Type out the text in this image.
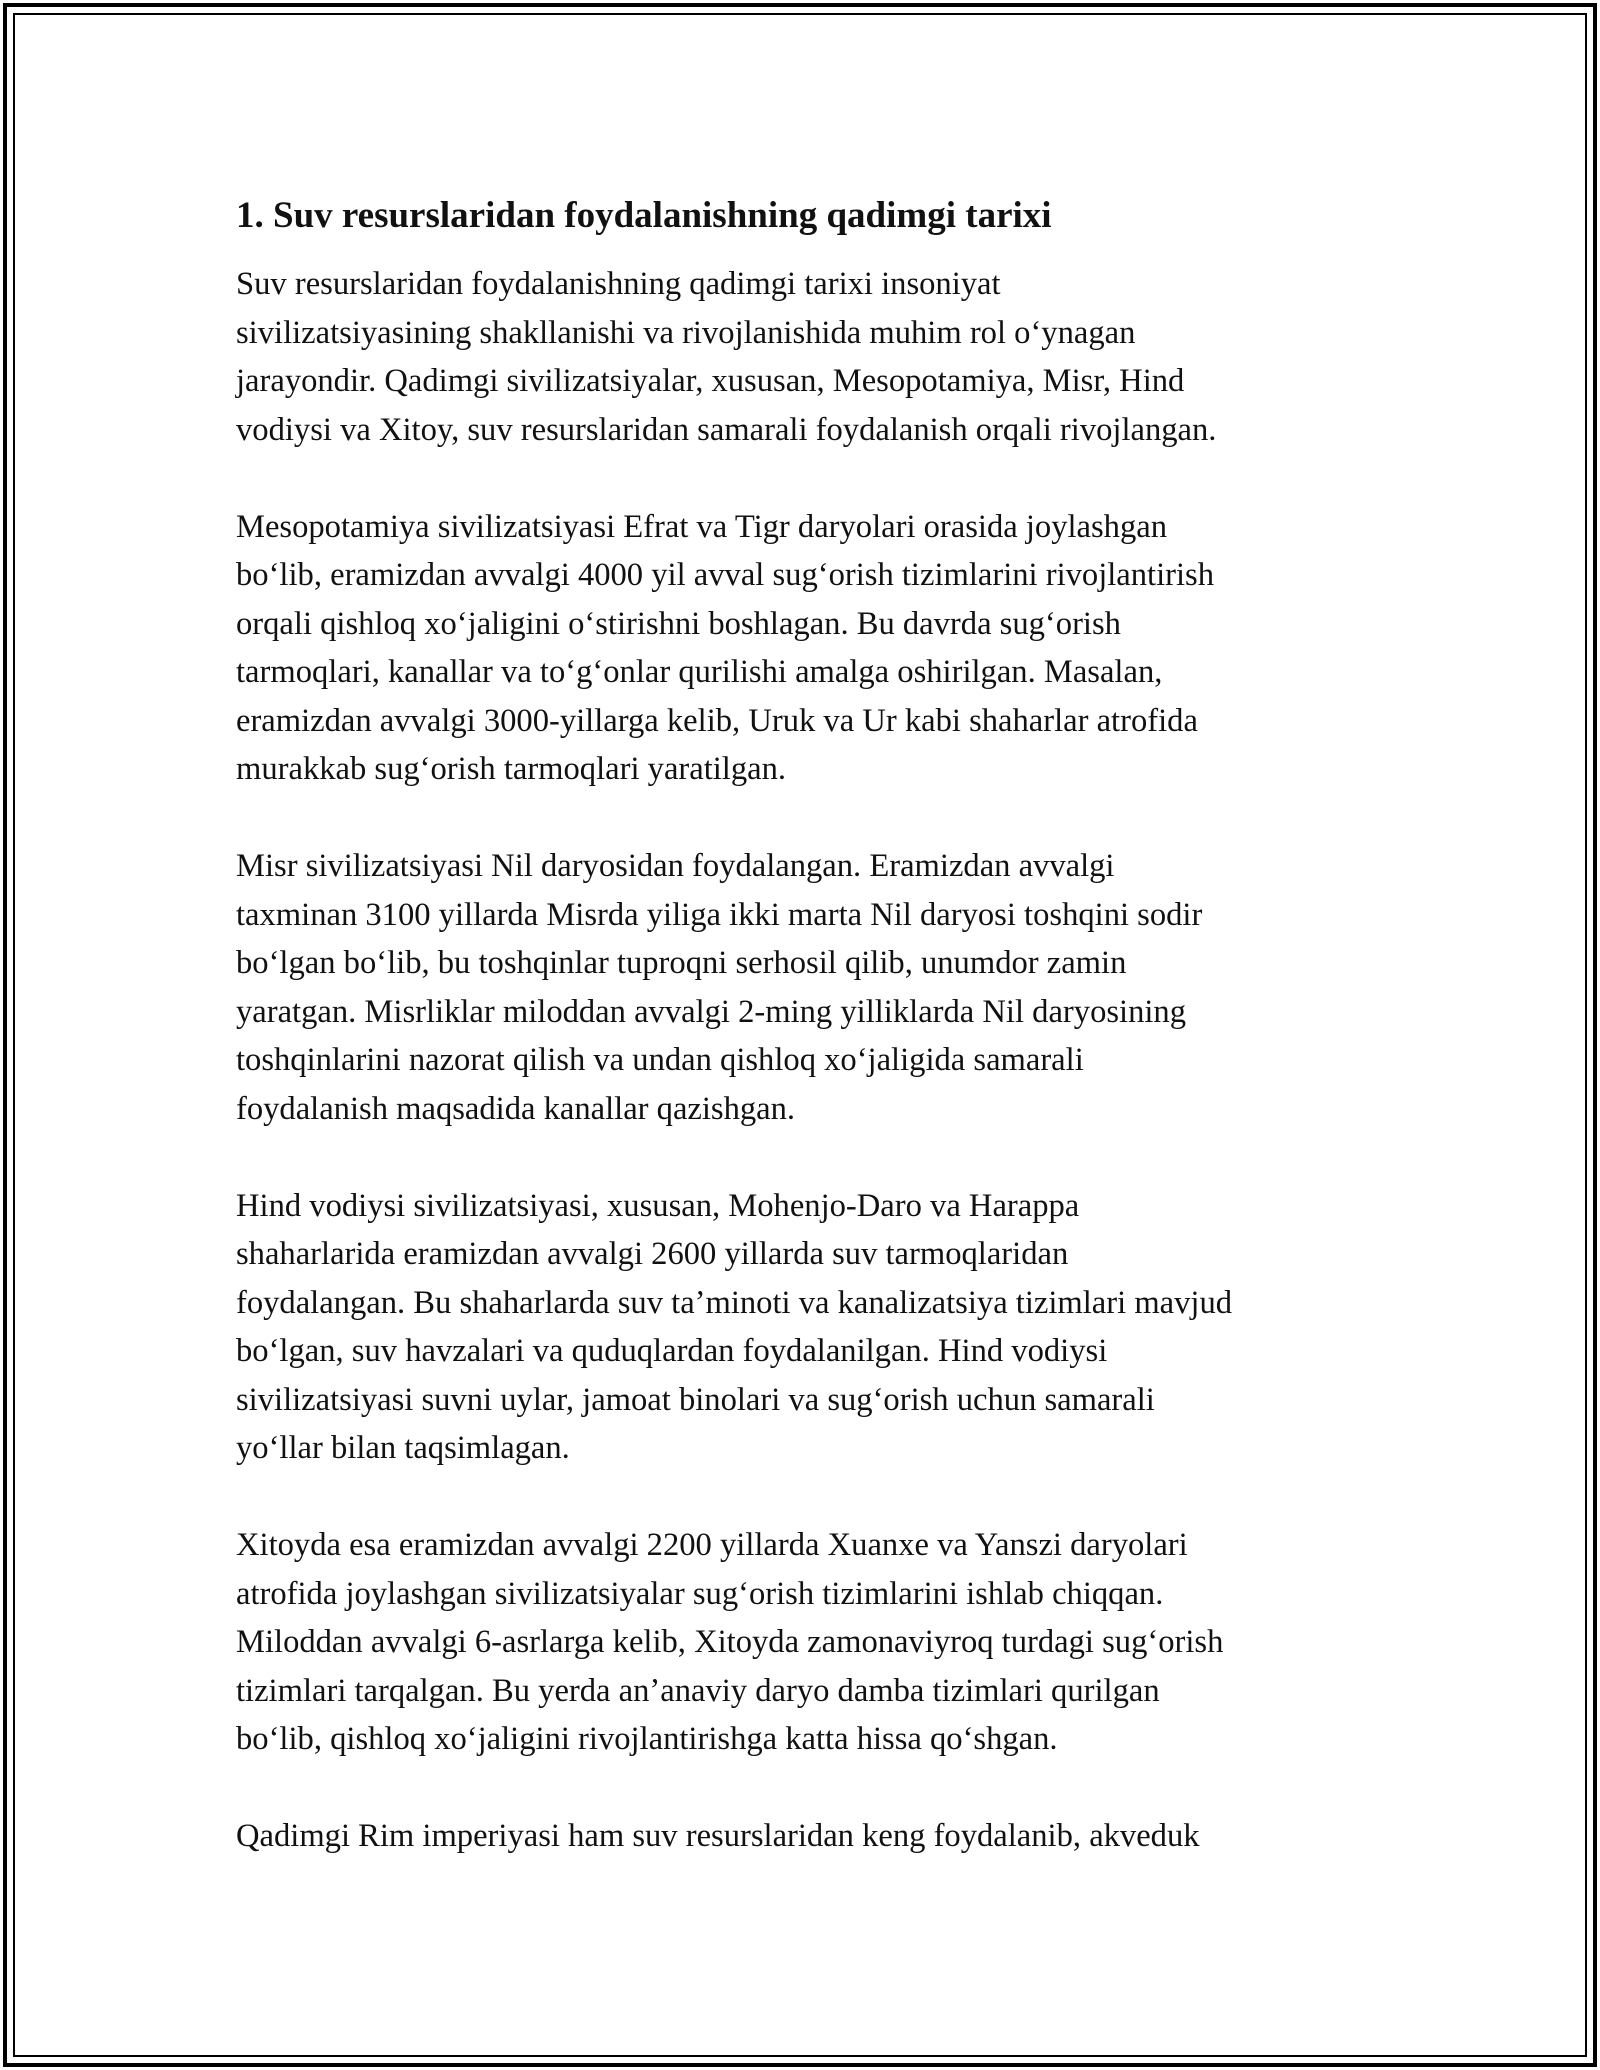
1. Suv resurslaridan foydalanishning qadimgi tarixi

Suv resurslaridan foydalanishning qadimgi tarixi insoniyat
sivilizatsiyasining shakllanishi va rivojlanishida muhim rol oʻynagan
jarayondir. Qadimgi sivilizatsiyalar, xususan, Mesopotamiya, Misr, Hind
vodiysi va Xitoy, suv resurslaridan samarali foydalanish orqali rivojlangan.

Mesopotamiya sivilizatsiyasi Efrat va Tigr daryolari orasida joylashgan
boʻlib, eramizdan avvalgi 4000 yil avval sugʻorish tizimlarini rivojlantirish
orqali qishloq xoʻjaligini oʻstirishni boshlagan. Bu davrda sugʻorish
tarmoqlari, kanallar va toʻgʻonlar qurilishi amalga oshirilgan. Masalan,
eramizdan avvalgi 3000-yillarga kelib, Uruk va Ur kabi shaharlar atrofida
murakkab sugʻorish tarmoqlari yaratilgan.

Misr sivilizatsiyasi Nil daryosidan foydalangan. Eramizdan avvalgi
taxminan 3100 yillarda Misrda yiliga ikki marta Nil daryosi toshqini sodir
boʻlgan boʻlib, bu toshqinlar tuproqni serhosil qilib, unumdor zamin
yaratgan. Misrliklar miloddan avvalgi 2-ming yilliklarda Nil daryosining
toshqinlarini nazorat qilish va undan qishloq xoʻjaligida samarali
foydalanish maqsadida kanallar qazishgan.

Hind vodiysi sivilizatsiyasi, xususan, Mohenjo-Daro va Harappa
shaharlarida eramizdan avvalgi 2600 yillarda suv tarmoqlaridan
foydalangan. Bu shaharlarda suv taʼminoti va kanalizatsiya tizimlari mavjud
boʻlgan, suv havzalari va quduqlardan foydalanilgan. Hind vodiysi
sivilizatsiyasi suvni uylar, jamoat binolari va sugʻorish uchun samarali
yoʻllar bilan taqsimlagan.

Xitoyda esa eramizdan avvalgi 2200 yillarda Xuanxe va Yanszi daryolari
atrofida joylashgan sivilizatsiyalar sugʻorish tizimlarini ishlab chiqqan.
Miloddan avvalgi 6-asrlarga kelib, Xitoyda zamonaviyroq turdagi sugʻorish
tizimlari tarqalgan. Bu yerda anʼanaviy daryo damba tizimlari qurilgan
boʻlib, qishloq xoʻjaligini rivojlantirishga katta hissa qoʻshgan.

Qadimgi Rim imperiyasi ham suv resurslaridan keng foydalanib, akveduk
